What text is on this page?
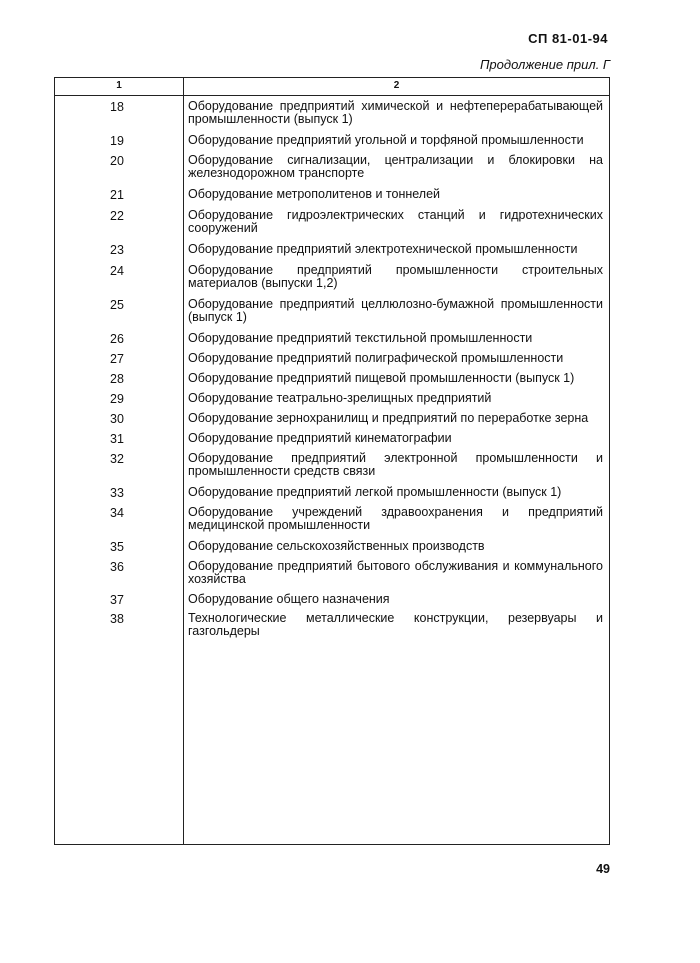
СП 81-01-94
Продолжение прил. Г
1	2
18	Оборудование предприятий химической и нефтеперерабатывающей промышленности (выпуск 1)
19	Оборудование предприятий угольной и торфяной промышленности
20	Оборудование сигнализации, централизации и блокировки на железнодорожном транспорте
21	Оборудование метрополитенов и тоннелей
22	Оборудование гидроэлектрических станций и гидротехнических сооружений
23	Оборудование предприятий электротехнической промышленности
24	Оборудование предприятий промышленности строительных материалов (выпуски 1,2)
25	Оборудование предприятий целлюлозно-бумажной промышленности (выпуск 1)
26	Оборудование предприятий текстильной промышленности
27	Оборудование предприятий полиграфической промышленности
28	Оборудование предприятий пищевой промышленности (выпуск 1)
29	Оборудование театрально-зрелищных предприятий
30	Оборудование зернохранилищ и предприятий по переработке зерна
31	Оборудование предприятий кинематографии
32	Оборудование предприятий электронной промышленности и промышленности средств связи
33	Оборудование предприятий легкой промышленности (выпуск 1)
34	Оборудование учреждений здравоохранения и предприятий медицинской промышленности
35	Оборудование сельскохозяйственных производств
36	Оборудование предприятий бытового обслуживания и коммунального хозяйства
37	Оборудование общего назначения
38	Технологические металлические конструкции, резервуары и газгольдеры
49
